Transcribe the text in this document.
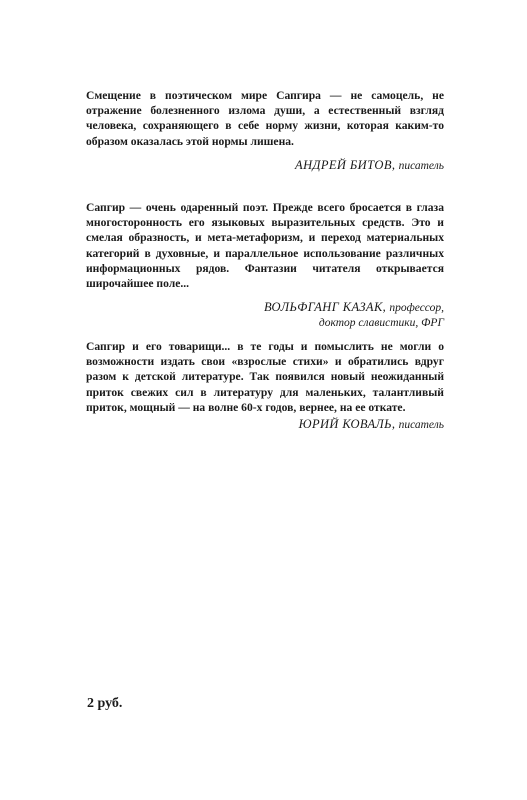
Смещение в поэтическом мире Сапгира — не самоцель, не отражение болезненного излома души, а естественный взгляд человека, сохраняющего в себе норму жизни, которая каким-то образом оказалась этой нормы лишена.

АНДРЕЙ БИТОВ, писатель

Сапгир — очень одаренный поэт. Прежде всего бросается в глаза многосторонность его языковых выразительных средств. Это и смелая образность, и мета-метафоризм, и переход материальных категорий в духовные, и параллельное использование различных информационных рядов. Фантазии читателя открывается широчайшее поле...

ВОЛЬФГАНГ КАЗАК, профессор,
доктор славистики, ФРГ

Сапгир и его товарищи... в те годы и помыслить не могли о возможности издать свои «взрослые стихи» и обратились вдруг разом к детской литературе. Так появился новый неожиданный приток свежих сил в литературу для маленьких, талантливый приток, мощный — на волне 60-х годов, вернее, на ее откате.

ЮРИЙ КОВАЛЬ, писатель
2 руб.
